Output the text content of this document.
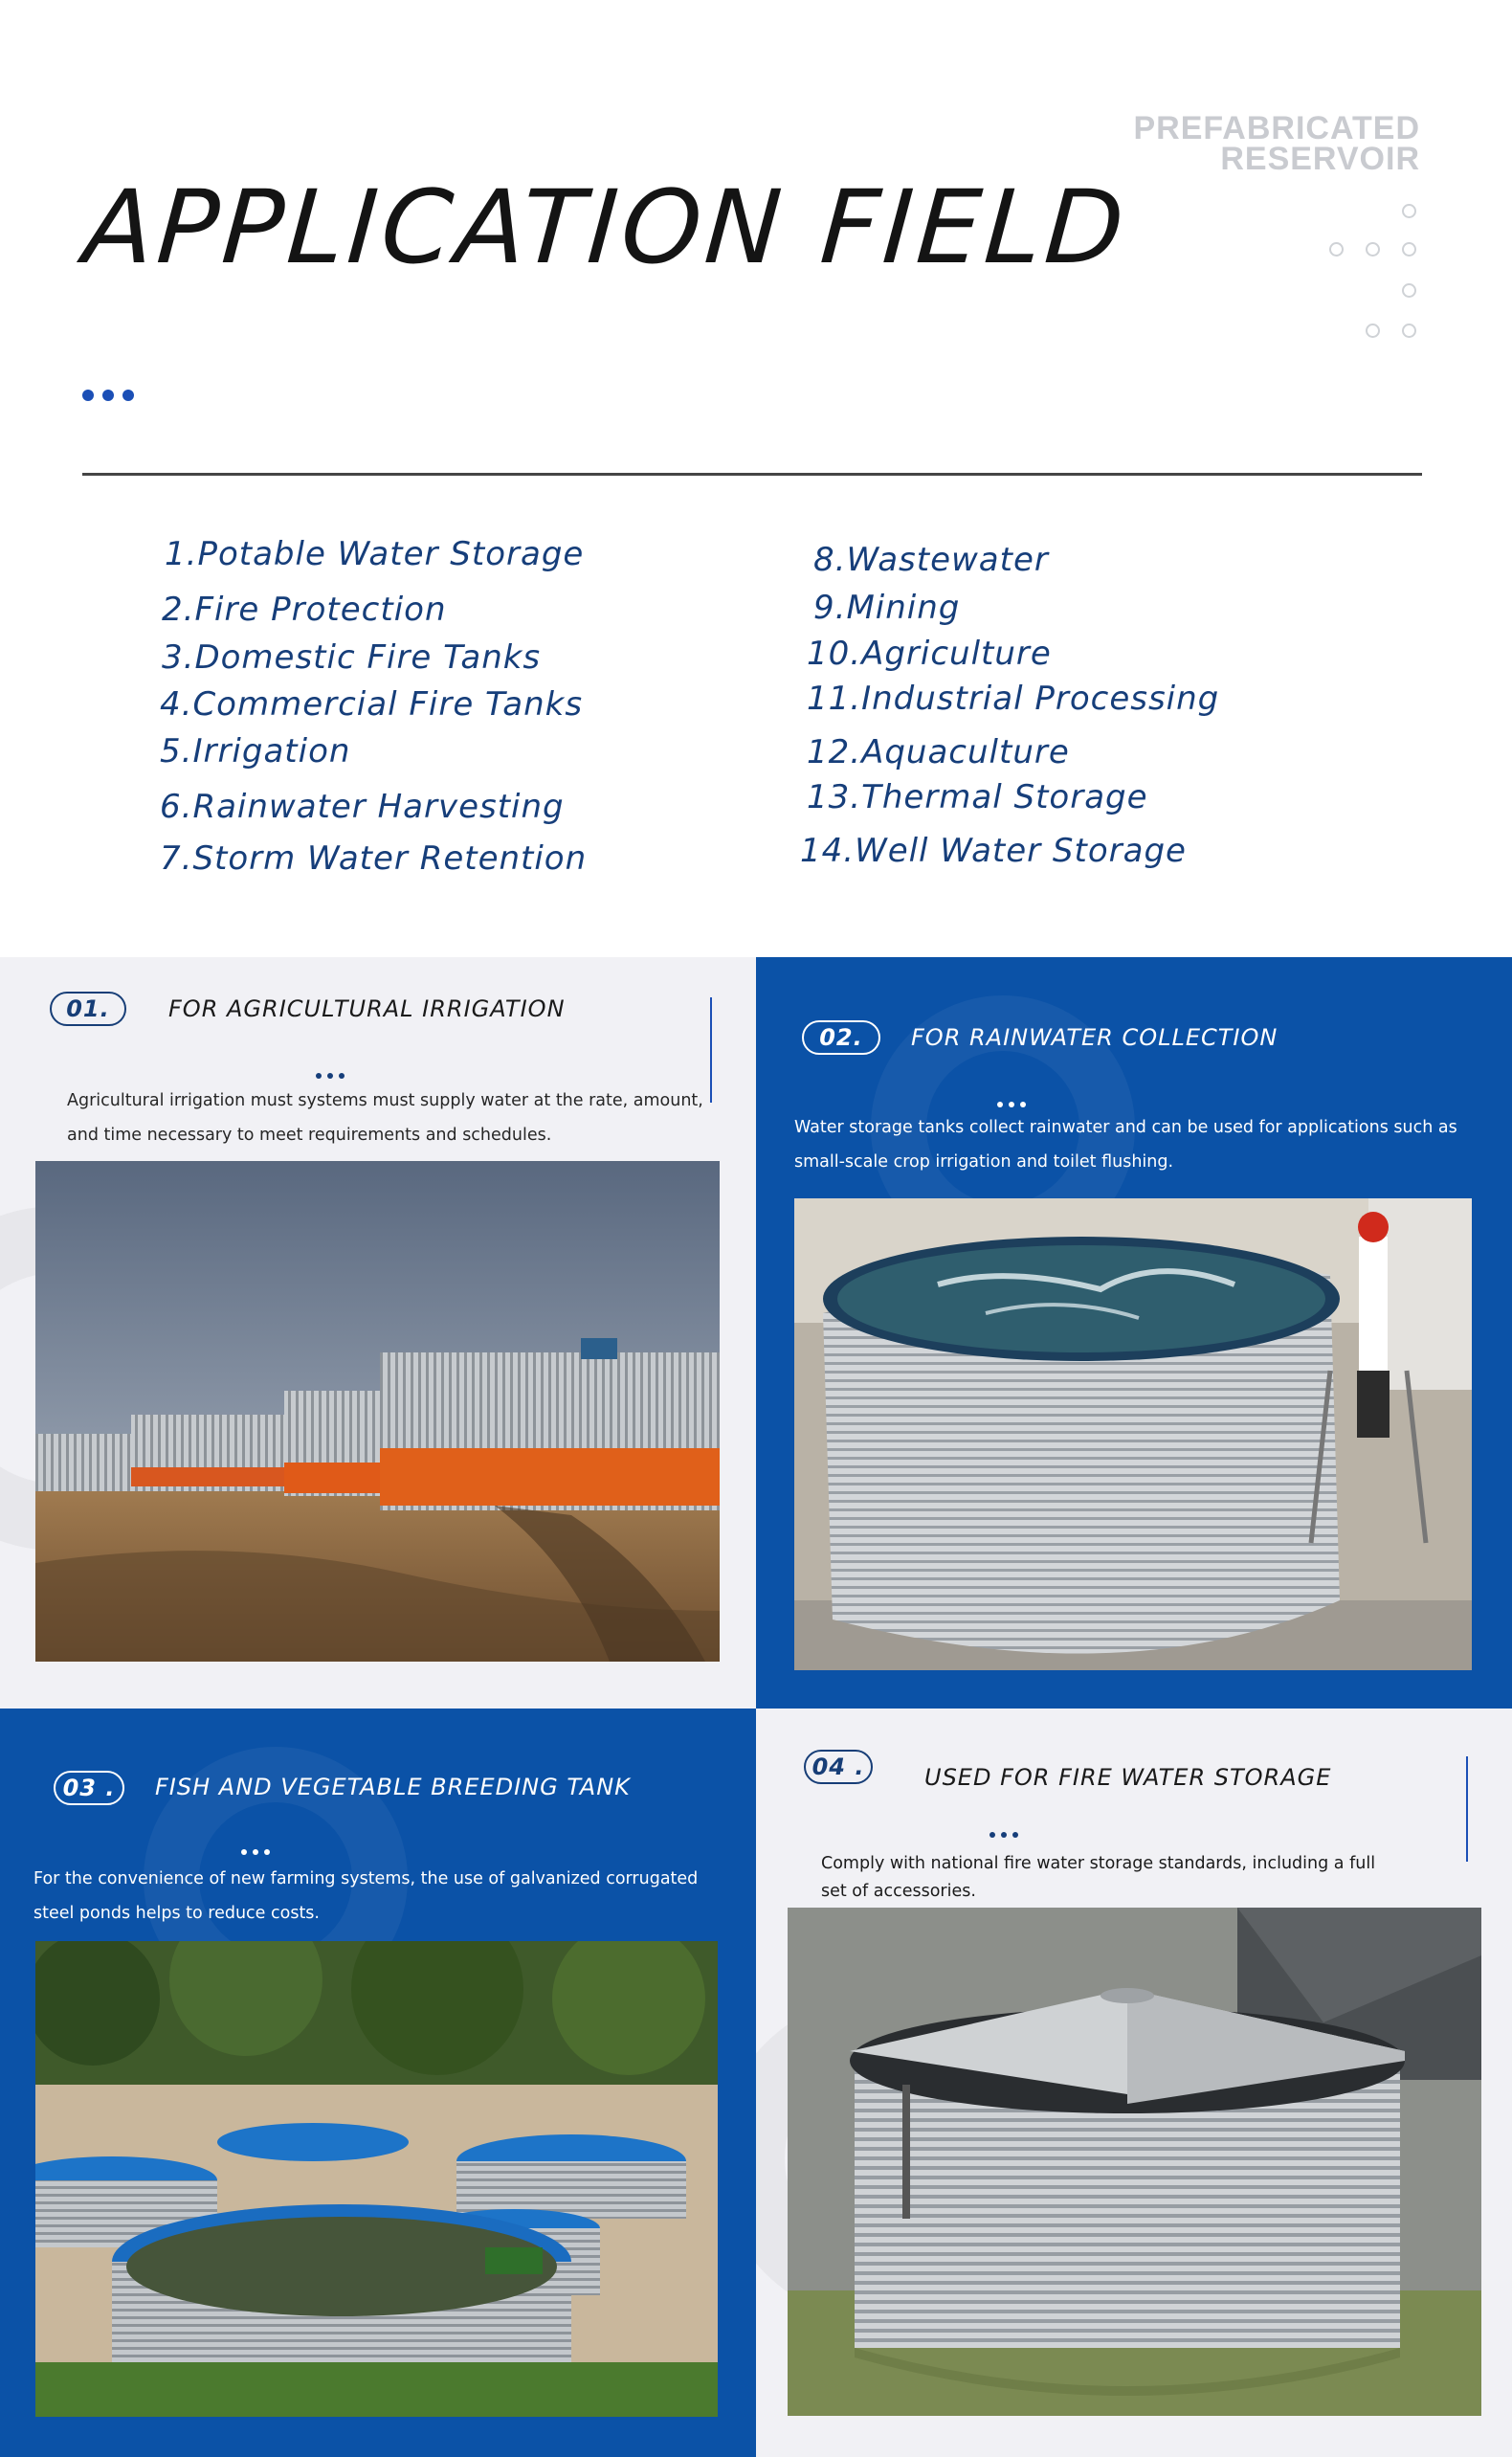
APPLICATION FIELD
PREFABRICATED
RESERVOIR
1.Potable Water Storage
2.Fire Protection
3.Domestic Fire Tanks
4.Commercial Fire Tanks
5.Irrigation
6.Rainwater Harvesting
7.Storm Water Retention
8.Wastewater
9.Mining
10.Agriculture
11.Industrial Processing
12.Aquaculture
13.Thermal Storage
14.Well Water Storage
01.	FOR AGRICULTURAL IRRIGATION
Agricultural irrigation must systems must supply water at the rate, amount,
and time necessary to meet requirements and schedules.
02.	FOR RAINWATER COLLECTION
Water storage tanks collect rainwater and can be used for applications such as
small-scale crop irrigation and toilet flushing.
03 .	FISH AND VEGETABLE BREEDING TANK
For the convenience of new farming systems, the use of galvanized corrugated
steel ponds helps to reduce costs.
04 .	USED FOR FIRE WATER STORAGE
Comply with national fire water storage standards, including a full
set of accessories.
